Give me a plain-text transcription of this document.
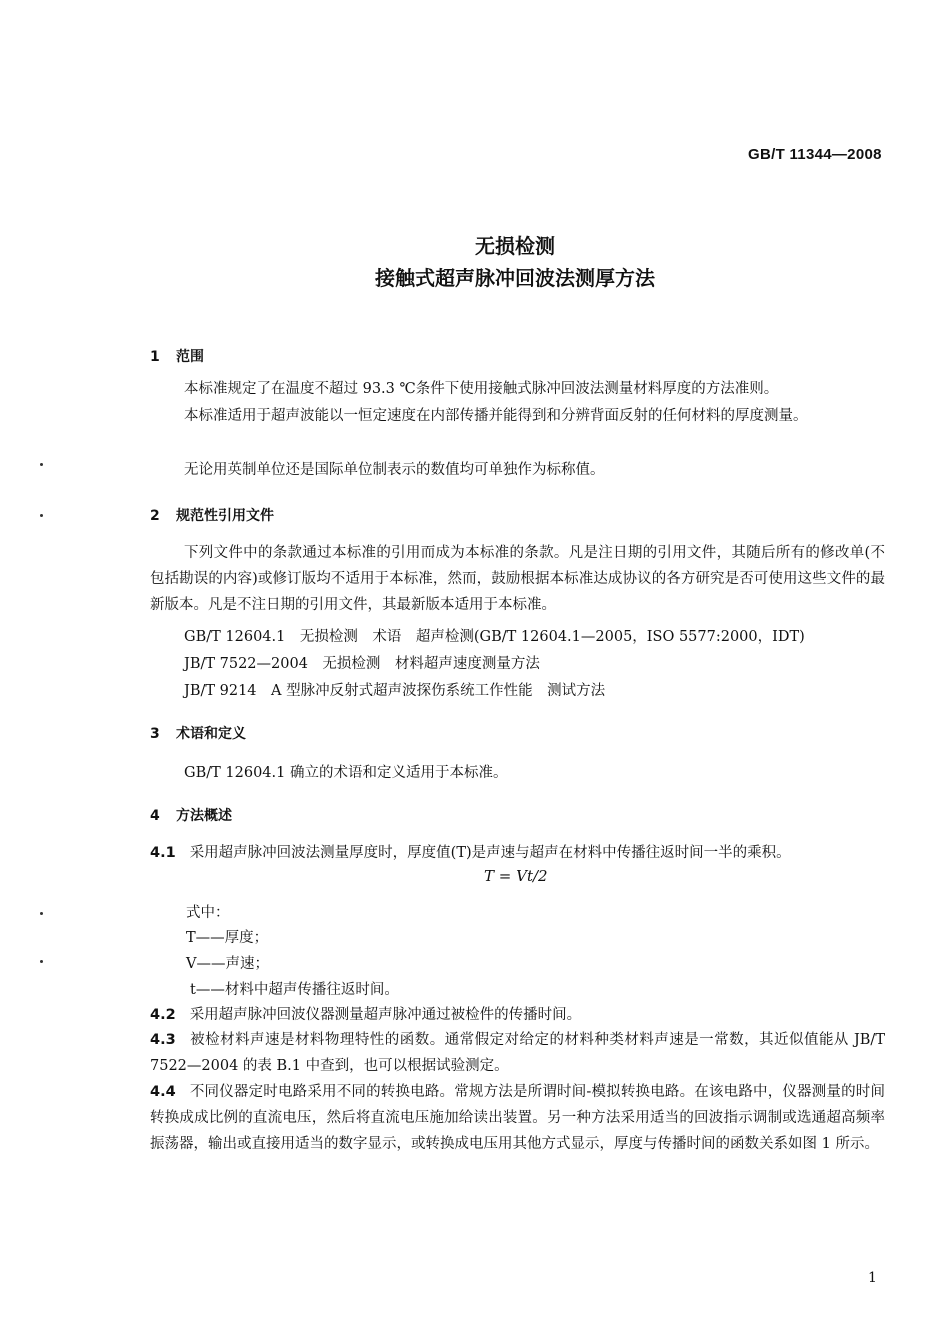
GB/T 11344—2008
无损检测
接触式超声脉冲回波法测厚方法
1 范围
本标准规定了在温度不超过 93.3 ℃条件下使用接触式脉冲回波法测量材料厚度的方法准则。
本标准适用于超声波能以一恒定速度在内部传播并能得到和分辨背面反射的任何材料的厚度测量。
无论用英制单位还是国际单位制表示的数值均可单独作为标称值。
2 规范性引用文件
下列文件中的条款通过本标准的引用而成为本标准的条款。凡是注日期的引用文件，其随后所有的修改单(不包括勘误的内容)或修订版均不适用于本标准，然而，鼓励根据本标准达成协议的各方研究是否可使用这些文件的最新版本。凡是不注日期的引用文件，其最新版本适用于本标准。
GB/T 12604.1　无损检测　术语　超声检测(GB/T 12604.1—2005，ISO 5577:2000，IDT)
JB/T 7522—2004　无损检测　材料超声速度测量方法
JB/T 9214　A 型脉冲反射式超声波探伤系统工作性能　测试方法
3 术语和定义
GB/T 12604.1 确立的术语和定义适用于本标准。
4 方法概述
4.1 采用超声脉冲回波法测量厚度时，厚度值(T)是声速与超声在材料中传播往返时间一半的乘积。
T = Vt/2
式中：
T——厚度；
V——声速；
t——材料中超声传播往返时间。
4.2 采用超声脉冲回波仪器测量超声脉冲通过被检件的传播时间。
4.3 被检材料声速是材料物理特性的函数。通常假定对给定的材料种类材料声速是一常数，其近似值能从 JB/T 7522—2004 的表 B.1 中查到，也可以根据试验测定。
4.4 不同仪器定时电路采用不同的转换电路。常规方法是所谓时间-模拟转换电路。在该电路中，仪器测量的时间转换成成比例的直流电压，然后将直流电压施加给读出装置。另一种方法采用适当的回波指示调制或选通超高频率振荡器，输出或直接用适当的数字显示，或转换成电压用其他方式显示，厚度与传播时间的函数关系如图 1 所示。
1
